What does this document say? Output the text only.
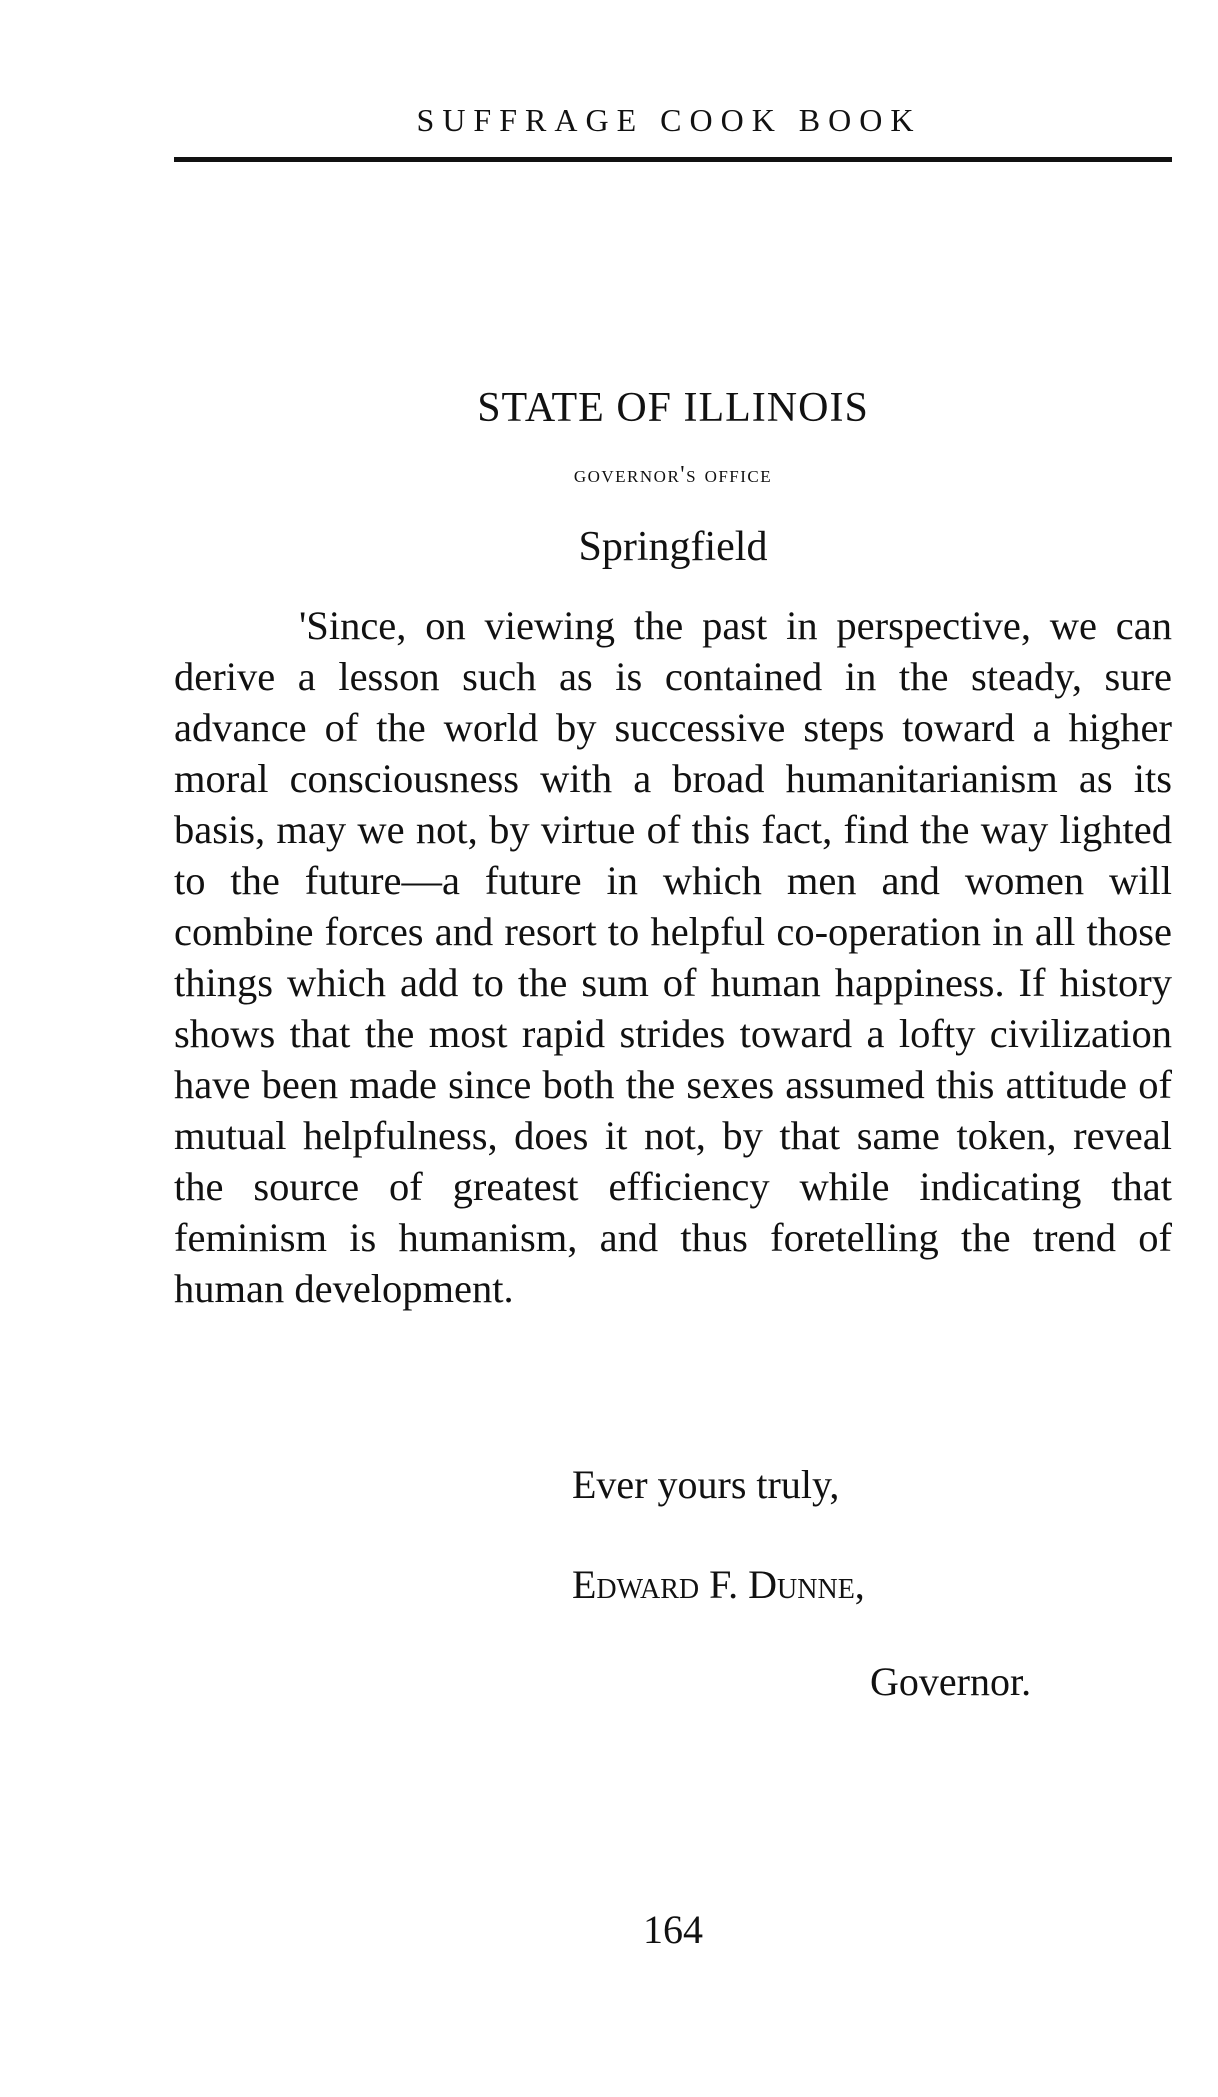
SUFFRAGE COOK BOOK
STATE OF ILLINOIS
governor's office
Springfield

'Since, on viewing the past in perspective, we can derive a lesson such as is contained in the steady, sure advance of the world by successive steps toward a higher moral consciousness with a broad humanitarianism as its basis, may we not, by virtue of this fact, find the way lighted to the future—a future in which men and women will combine forces and resort to helpful co-operation in all those things which add to the sum of human happiness. If history shows that the most rapid strides toward a lofty civilization have been made since both the sexes assumed this attitude of mutual helpfulness, does it not, by that same token, reveal the source of greatest efficiency while indicating that feminism is humanism, and thus foretelling the trend of human development.

Ever yours truly,
Edward F. Dunne,
Governor.
164
